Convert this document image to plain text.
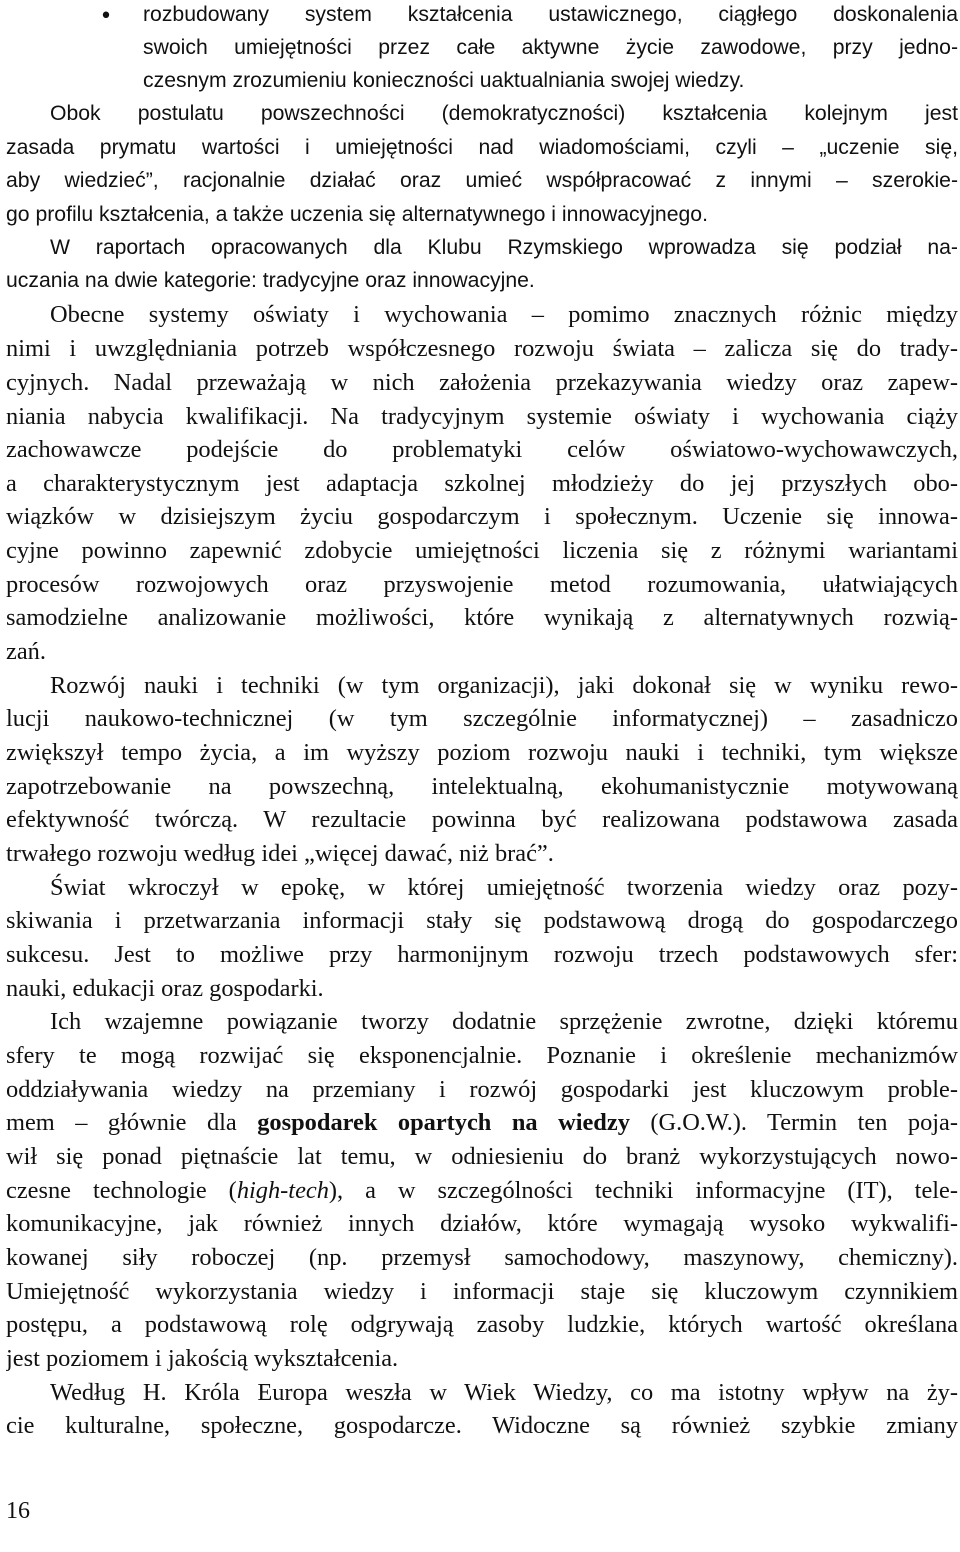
•	rozbudowany system kształcenia ustawicznego, ciągłego doskonalenia
swoich umiejętności przez całe aktywne życie zawodowe, przy jedno-
czesnym zrozumieniu konieczności uaktualniania swojej wiedzy.
Obok postulatu powszechności (demokratyczności) kształcenia kolejnym jest
zasada prymatu wartości i umiejętności nad wiadomościami, czyli – „uczenie się,
aby wiedzieć”, racjonalnie działać oraz umieć współpracować z innymi – szerokie-
go profilu kształcenia, a także uczenia się alternatywnego i innowacyjnego.
W raportach opracowanych dla Klubu Rzymskiego wprowadza się podział na-
uczania na dwie kategorie: tradycyjne oraz innowacyjne.
Obecne systemy oświaty i wychowania – pomimo znacznych różnic między
nimi i uwzględniania potrzeb współczesnego rozwoju świata – zalicza się do trady-
cyjnych. Nadal przeważają w nich założenia przekazywania wiedzy oraz zapew-
niania nabycia kwalifikacji. Na tradycyjnym systemie oświaty i wychowania ciąży
zachowawcze podejście do problematyki celów oświatowo-wychowawczych,
a charakterystycznym jest adaptacja szkolnej młodzieży do jej przyszłych obo-
wiązków w dzisiejszym życiu gospodarczym i społecznym. Uczenie się innowa-
cyjne powinno zapewnić zdobycie umiejętności liczenia się z różnymi wariantami
procesów rozwojowych oraz przyswojenie metod rozumowania, ułatwiających
samodzielne analizowanie możliwości, które wynikają z alternatywnych rozwią-
zań.
Rozwój nauki i techniki (w tym organizacji), jaki dokonał się w wyniku rewo-
lucji naukowo-technicznej (w tym szczególnie informatycznej) – zasadniczo
zwiększył tempo życia, a im wyższy poziom rozwoju nauki i techniki, tym większe
zapotrzebowanie na powszechną, intelektualną, ekohumanistycznie motywowaną
efektywność twórczą. W rezultacie powinna być realizowana podstawowa zasada
trwałego rozwoju według idei „więcej dawać, niż brać”.
Świat wkroczył w epokę, w której umiejętność tworzenia wiedzy oraz pozy-
skiwania i przetwarzania informacji stały się podstawową drogą do gospodarczego
sukcesu. Jest to możliwe przy harmonijnym rozwoju trzech podstawowych sfer:
nauki, edukacji oraz gospodarki.
Ich wzajemne powiązanie tworzy dodatnie sprzężenie zwrotne, dzięki któremu
sfery te mogą rozwijać się eksponencjalnie. Poznanie i określenie mechanizmów
oddziaływania wiedzy na przemiany i rozwój gospodarki jest kluczowym proble-
mem – głównie dla gospodarek opartych na wiedzy (G.O.W.). Termin ten poja-
wił się ponad piętnaście lat temu, w odniesieniu do branż wykorzystujących nowo-
czesne technologie (high-tech), a w szczególności techniki informacyjne (IT), tele-
komunikacyjne, jak również innych działów, które wymagają wysoko wykwalifi-
kowanej siły roboczej (np. przemysł samochodowy, maszynowy, chemiczny).
Umiejętność wykorzystania wiedzy i informacji staje się kluczowym czynnikiem
postępu, a podstawową rolę odgrywają zasoby ludzkie, których wartość określana
jest poziomem i jakością wykształcenia.
Według H. Króla Europa weszła w Wiek Wiedzy, co ma istotny wpływ na ży-
cie kulturalne, społeczne, gospodarcze. Widoczne są również szybkie zmiany
16
